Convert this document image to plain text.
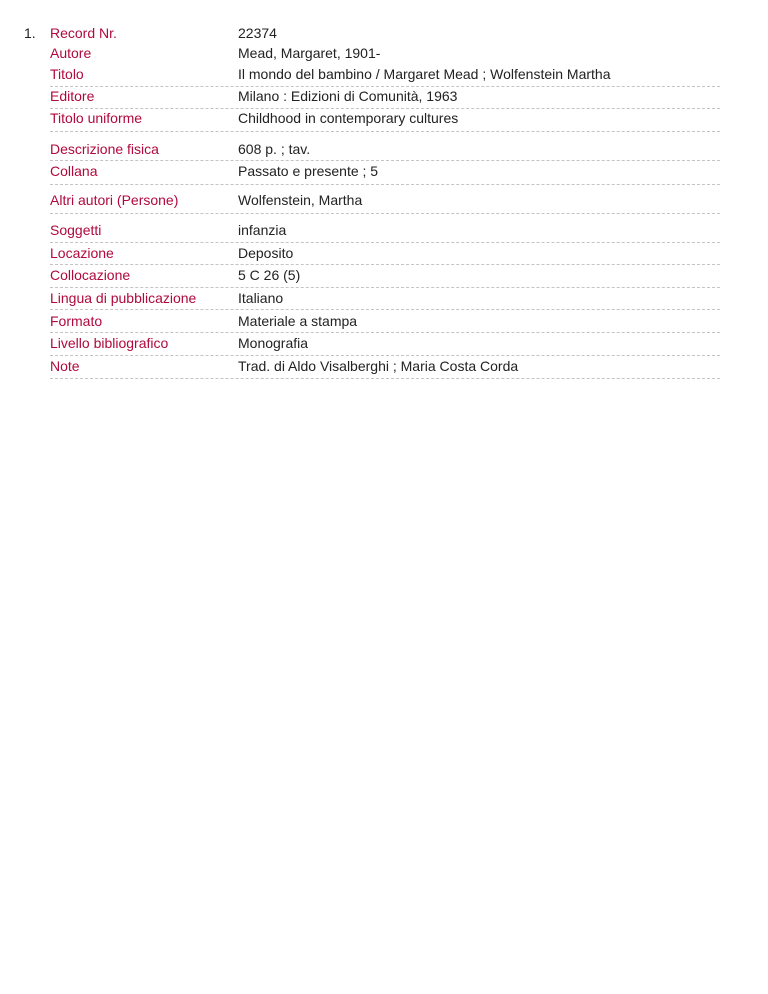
1. Record Nr.	22374
Autore	Mead, Margaret, 1901-
Titolo	Il mondo del bambino / Margaret Mead ; Wolfenstein Martha
Editore	Milano : Edizioni di Comunità, 1963
Titolo uniforme	Childhood in contemporary cultures
Descrizione fisica	608 p. ; tav.
Collana	Passato e presente ; 5
Altri autori (Persone)	Wolfenstein, Martha
Soggetti	infanzia
Locazione	Deposito
Collocazione	5 C 26 (5)
Lingua di pubblicazione	Italiano
Formato	Materiale a stampa
Livello bibliografico	Monografia
Note	Trad. di Aldo Visalberghi ; Maria Costa Corda
